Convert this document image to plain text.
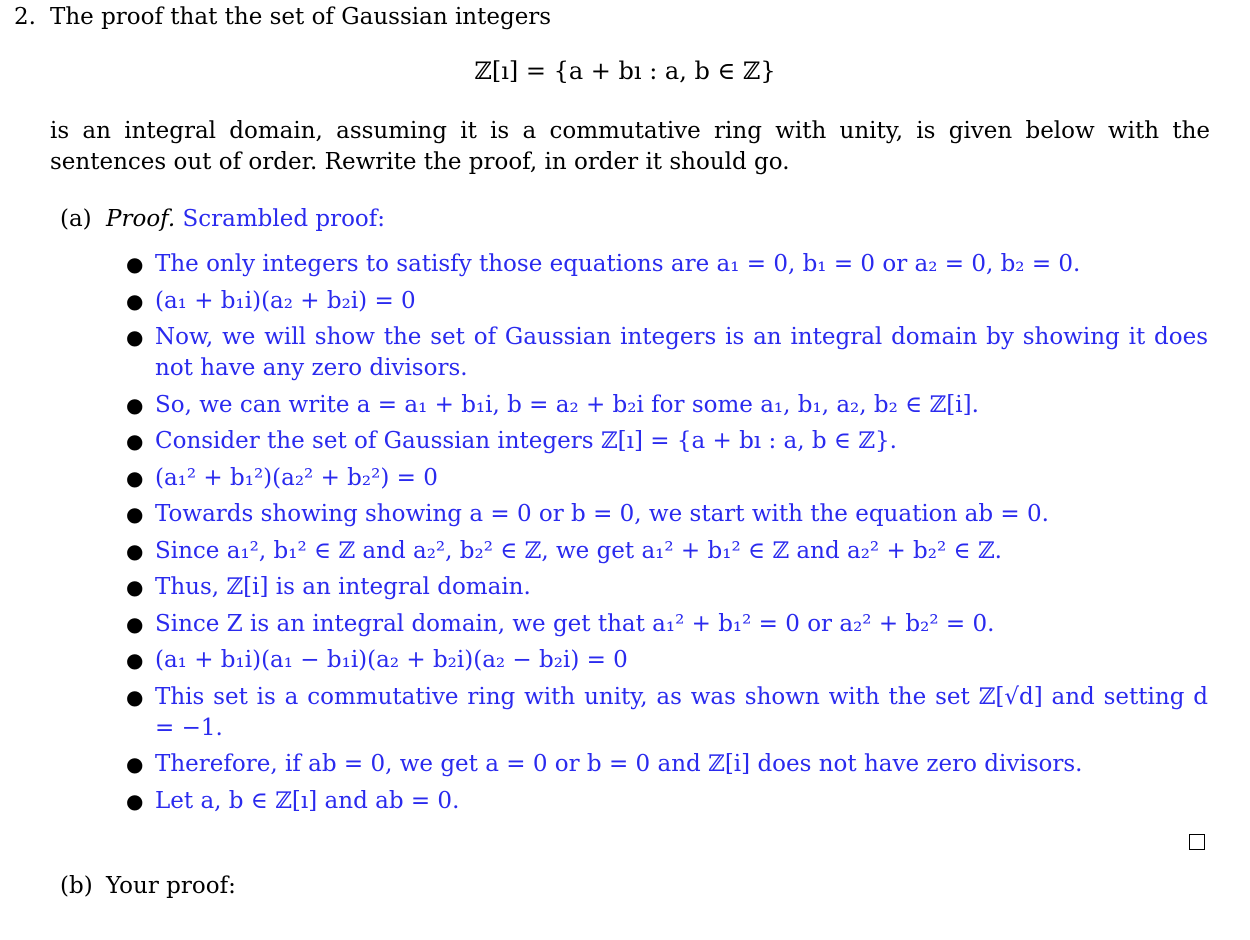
2. The proof that the set of Gaussian integers
ℤ[ı] = {a + bı : a, b ∈ ℤ}
is an integral domain, assuming it is a commutative ring with unity, is given below with the sentences out of order. Rewrite the proof, in order it should go.
(a) Proof. Scrambled proof:
● The only integers to satisfy those equations are a₁ = 0, b₁ = 0 or a₂ = 0, b₂ = 0.
● (a₁ + b₁i)(a₂ + b₂i) = 0
● Now, we will show the set of Gaussian integers is an integral domain by showing it does not have any zero divisors.
● So, we can write a = a₁ + b₁i, b = a₂ + b₂i for some a₁, b₁, a₂, b₂ ∈ ℤ[i].
● Consider the set of Gaussian integers ℤ[ı] = {a + bı : a, b ∈ ℤ}.
● (a₁² + b₁²)(a₂² + b₂²) = 0
● Towards showing showing a = 0 or b = 0, we start with the equation ab = 0.
● Since a₁², b₁² ∈ ℤ and a₂², b₂² ∈ ℤ, we get a₁² + b₁² ∈ ℤ and a₂² + b₂² ∈ ℤ.
● Thus, ℤ[i] is an integral domain.
● Since Z is an integral domain, we get that a₁² + b₁² = 0 or a₂² + b₂² = 0.
● (a₁ + b₁i)(a₁ − b₁i)(a₂ + b₂i)(a₂ − b₂i) = 0
● This set is a commutative ring with unity, as was shown with the set ℤ[√d] and setting d = −1.
● Therefore, if ab = 0, we get a = 0 or b = 0 and ℤ[i] does not have zero divisors.
● Let a, b ∈ ℤ[ı] and ab = 0.
(b) Your proof:
